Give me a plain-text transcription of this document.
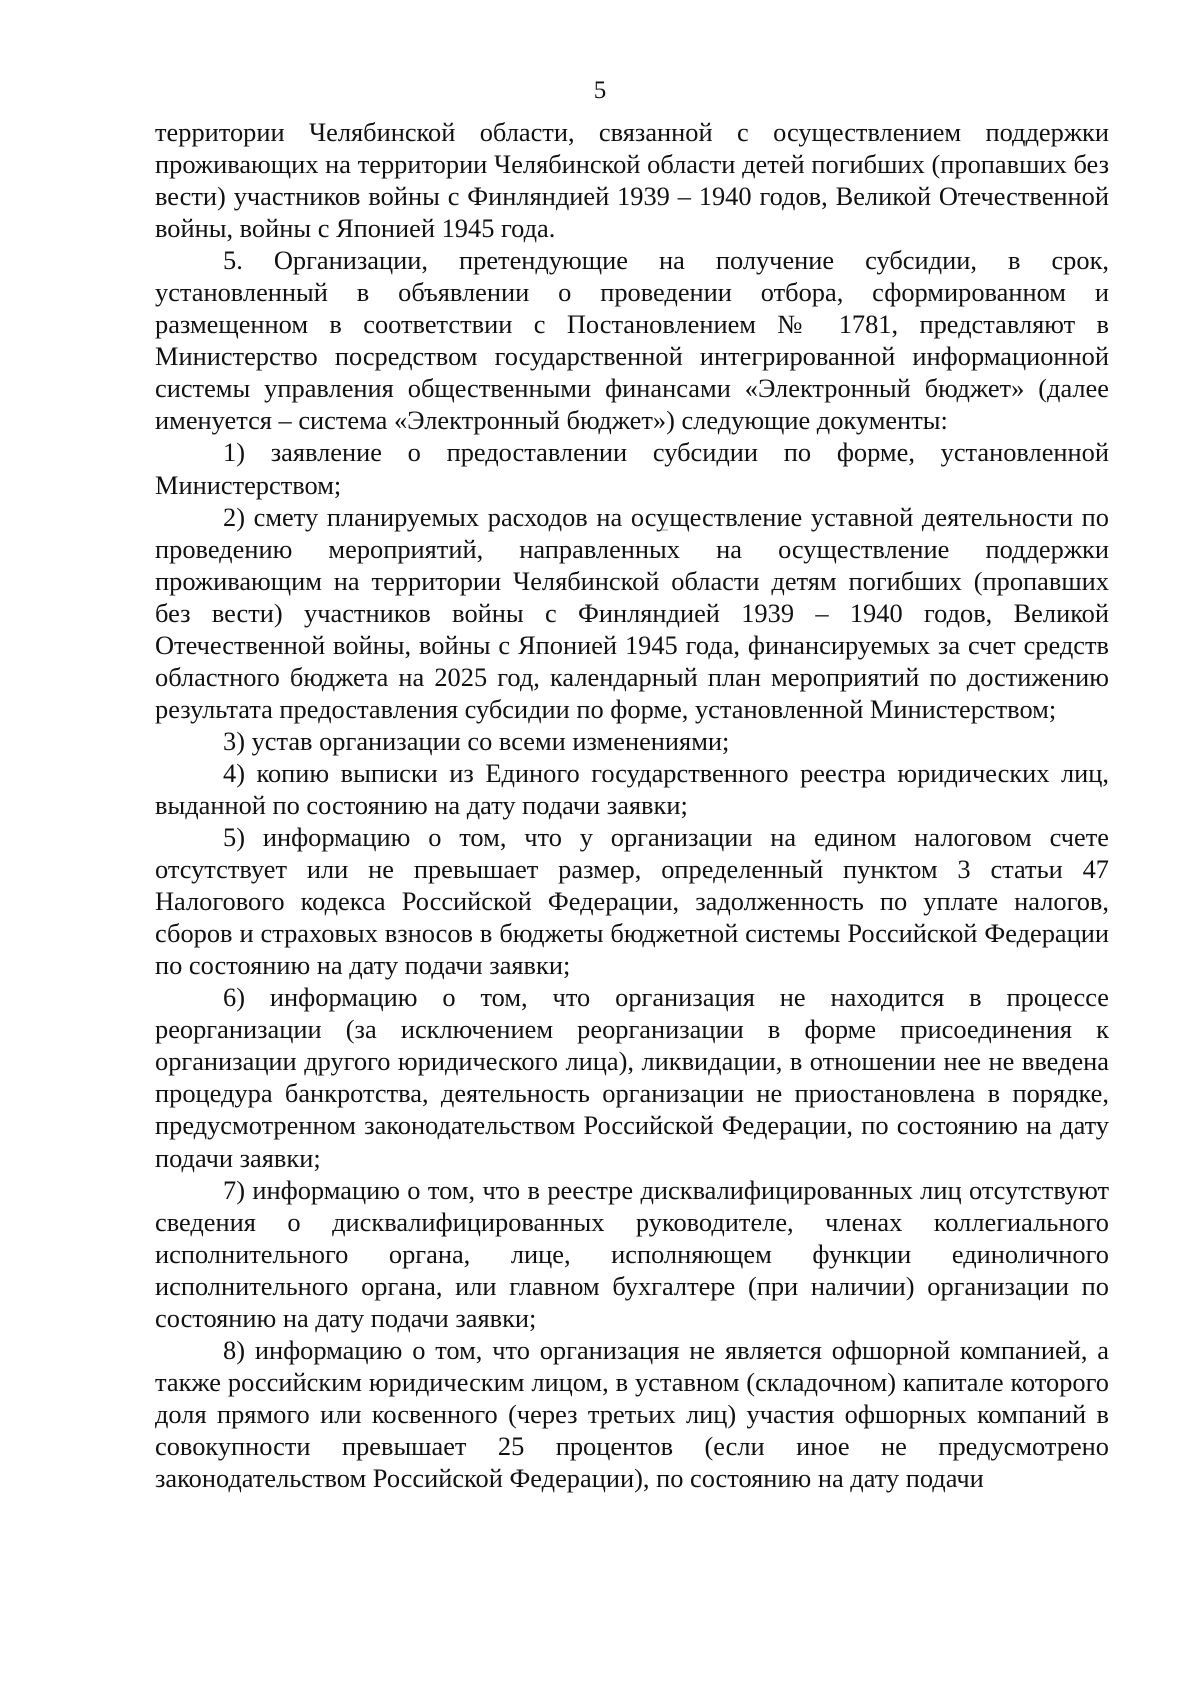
5

территории Челябинской области, связанной с осуществлением поддержки проживающих на территории Челябинской области детей погибших (пропавших без вести) участников войны с Финляндией 1939 – 1940 годов, Великой Отечественной войны, войны с Японией 1945 года.

5. Организации, претендующие на получение субсидии, в срок, установленный в объявлении о проведении отбора, сформированном и размещенном в соответствии с Постановлением № 1781, представляют в Министерство посредством государственной интегрированной информационной системы управления общественными финансами «Электронный бюджет» (далее именуется – система «Электронный бюджет») следующие документы:

1) заявление о предоставлении субсидии по форме, установленной Министерством;

2) смету планируемых расходов на осуществление уставной деятельности по проведению мероприятий, направленных на осуществление поддержки проживающим на территории Челябинской области детям погибших (пропавших без вести) участников войны с Финляндией 1939 – 1940 годов, Великой Отечественной войны, войны с Японией 1945 года, финансируемых за счет средств областного бюджета на 2025 год, календарный план мероприятий по достижению результата предоставления субсидии по форме, установленной Министерством;

3) устав организации со всеми изменениями;

4) копию выписки из Единого государственного реестра юридических лиц, выданной по состоянию на дату подачи заявки;

5) информацию о том, что у организации на едином налоговом счете отсутствует или не превышает размер, определенный пунктом 3 статьи 47 Налогового кодекса Российской Федерации, задолженность по уплате налогов, сборов и страховых взносов в бюджеты бюджетной системы Российской Федерации по состоянию на дату подачи заявки;

6) информацию о том, что организация не находится в процессе реорганизации (за исключением реорганизации в форме присоединения к организации другого юридического лица), ликвидации, в отношении нее не введена процедура банкротства, деятельность организации не приостановлена в порядке, предусмотренном законодательством Российской Федерации, по состоянию на дату подачи заявки;

7) информацию о том, что в реестре дисквалифицированных лиц отсутствуют сведения о дисквалифицированных руководителе, членах коллегиального исполнительного органа, лице, исполняющем функции единоличного исполнительного органа, или главном бухгалтере (при наличии) организации по состоянию на дату подачи заявки;

8) информацию о том, что организация не является офшорной компанией, а также российским юридическим лицом, в уставном (складочном) капитале которого доля прямого или косвенного (через третьих лиц) участия офшорных компаний в совокупности превышает 25 процентов (если иное не предусмотрено законодательством Российской Федерации), по состоянию на дату подачи
